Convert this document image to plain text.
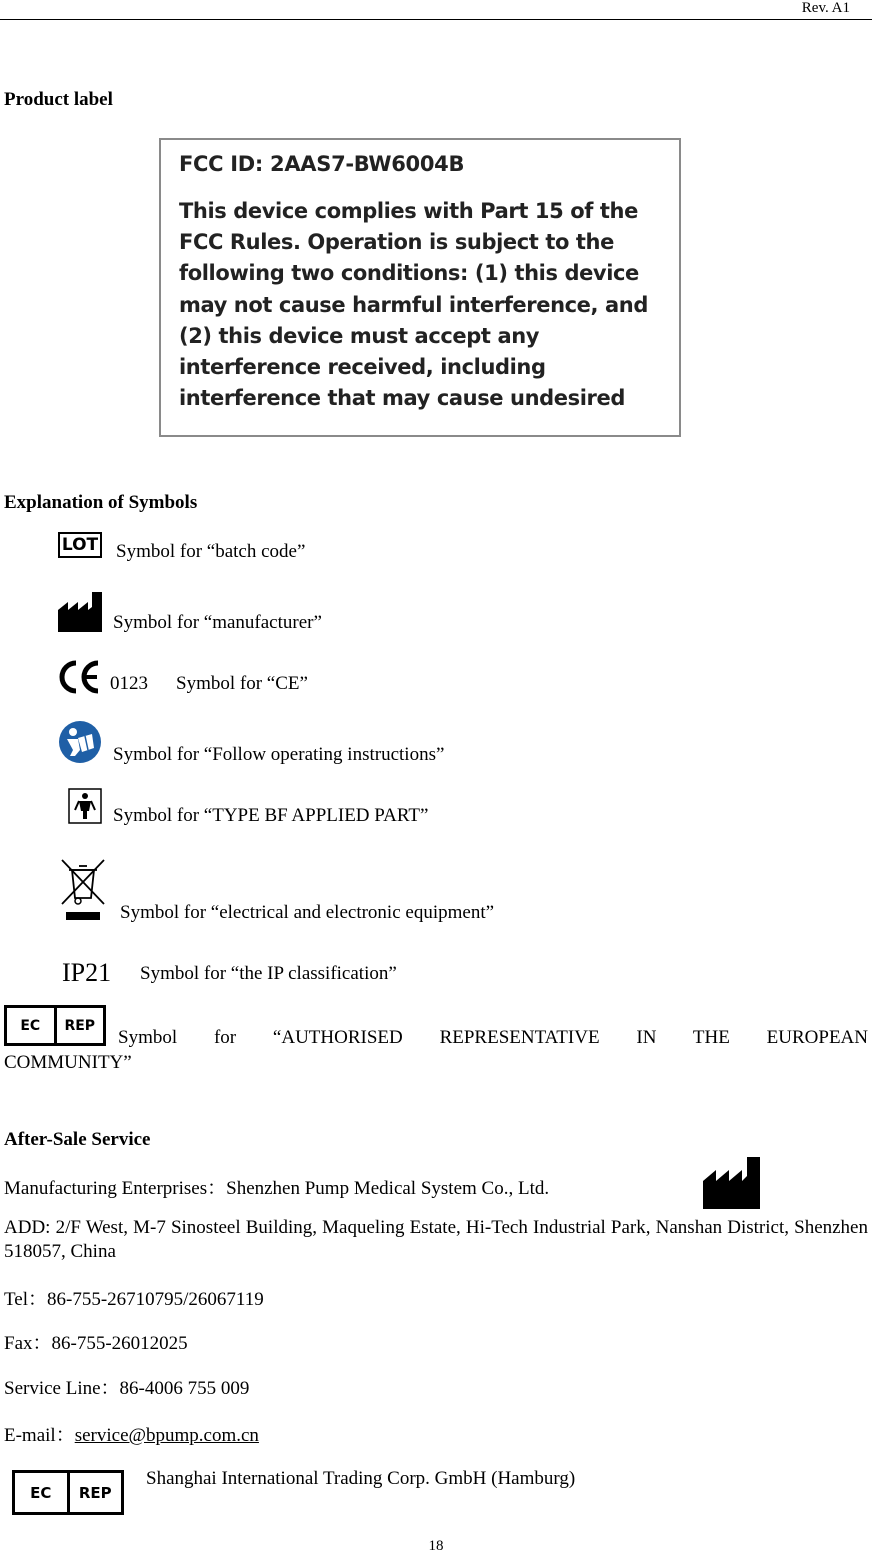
Rev. A1
Product label
FCC ID: 2AAS7-BW6004B
This device complies with Part 15 of the
FCC Rules. Operation is subject to the
following two conditions: (1) this device
may not cause harmful interference, and
(2) this device must accept any
interference received, including
interference that may cause undesired
Explanation of Symbols
LOT Symbol for “batch code”
Symbol for “manufacturer”
0123 Symbol for “CE”
Symbol for “Follow operating instructions”
Symbol for “TYPE BF APPLIED PART”
Symbol for “electrical and electronic equipment”
IP21 Symbol for “the IP classification”
EC	REP
Symbol for “AUTHORISED REPRESENTATIVE IN THE EUROPEAN
COMMUNITY”
After-Sale Service
Manufacturing Enterprises：Shenzhen Pump Medical System Co., Ltd.
ADD: 2/F West, M-7 Sinosteel Building, Maqueling Estate, Hi-Tech Industrial Park, Nanshan District, Shenzhen 518057, China
Tel：86-755-26710795/26067119
Fax：86-755-26012025
Service Line：86-4006 755 009
E-mail：service@bpump.com.cn
EC	REP
Shanghai International Trading Corp. GmbH (Hamburg)
18
